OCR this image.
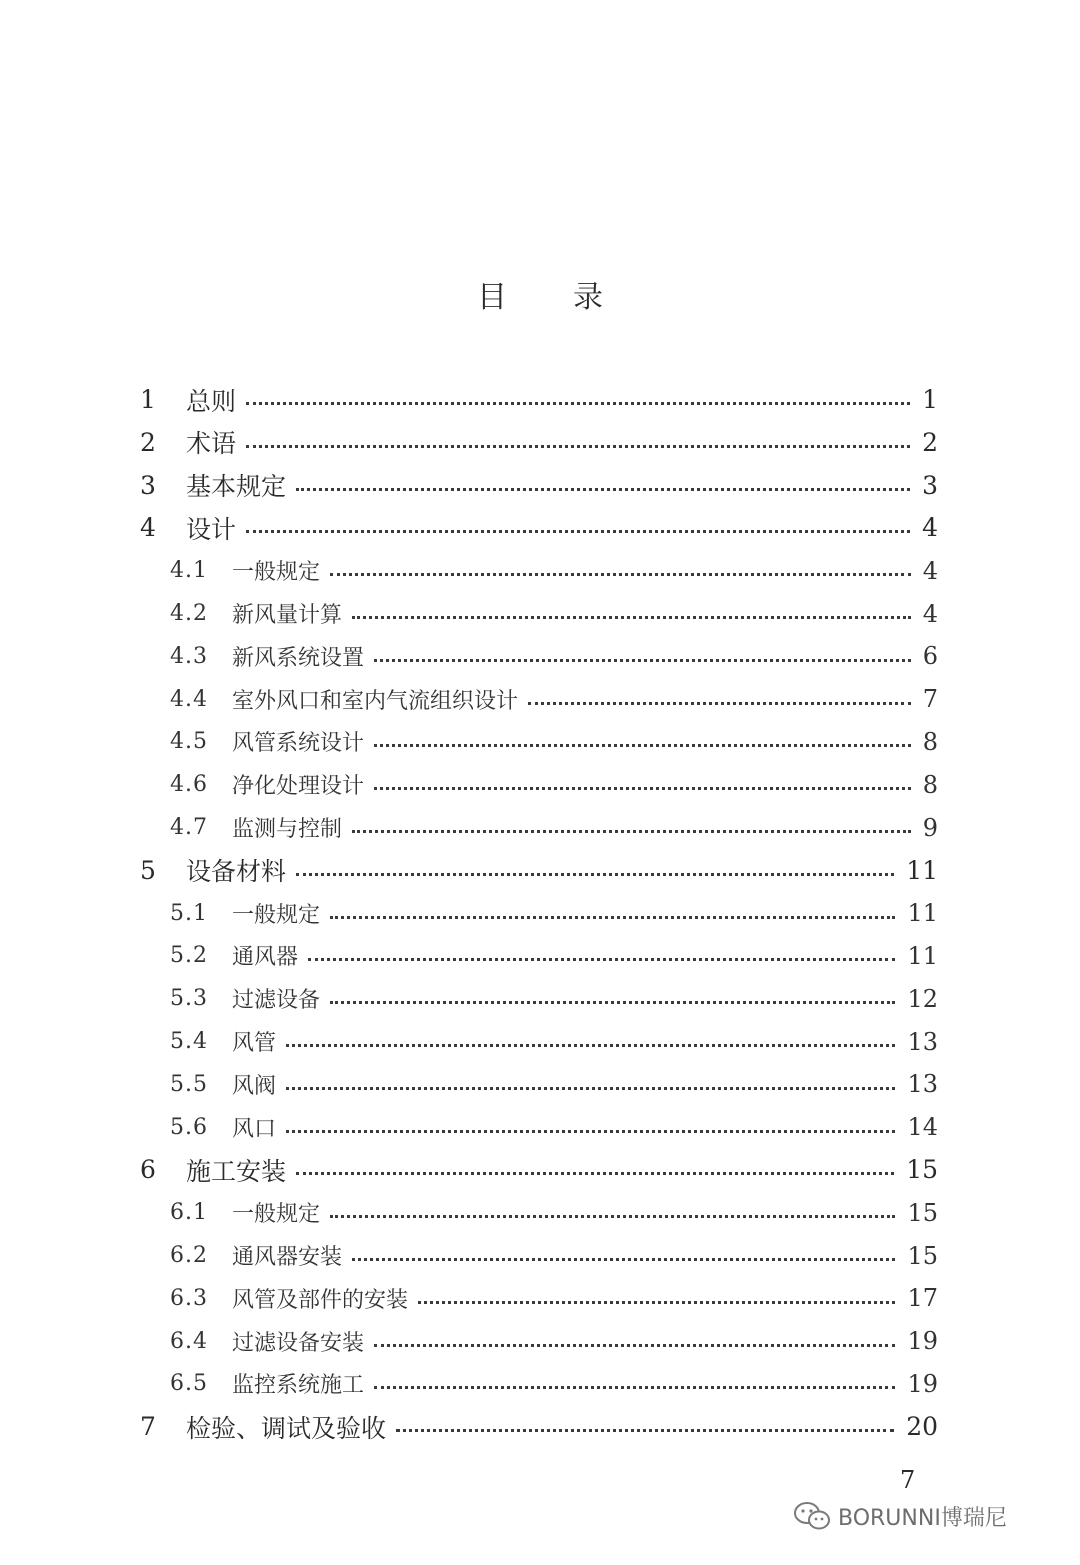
目 录
1 总则	1
2 术语	2
3 基本规定	3
4 设计	4
4.1 一般规定	4
4.2 新风量计算	4
4.3 新风系统设置	6
4.4 室外风口和室内气流组织设计	7
4.5 风管系统设计	8
4.6 净化处理设计	8
4.7 监测与控制	9
5 设备材料	11
5.1 一般规定	11
5.2 通风器	11
5.3 过滤设备	12
5.4 风管	13
5.5 风阀	13
5.6 风口	14
6 施工安装	15
6.1 一般规定	15
6.2 通风器安装	15
6.3 风管及部件的安装	17
6.4 过滤设备安装	19
6.5 监控系统施工	19
7 检验、调试及验收	20
7
BORUNNI博瑞尼
